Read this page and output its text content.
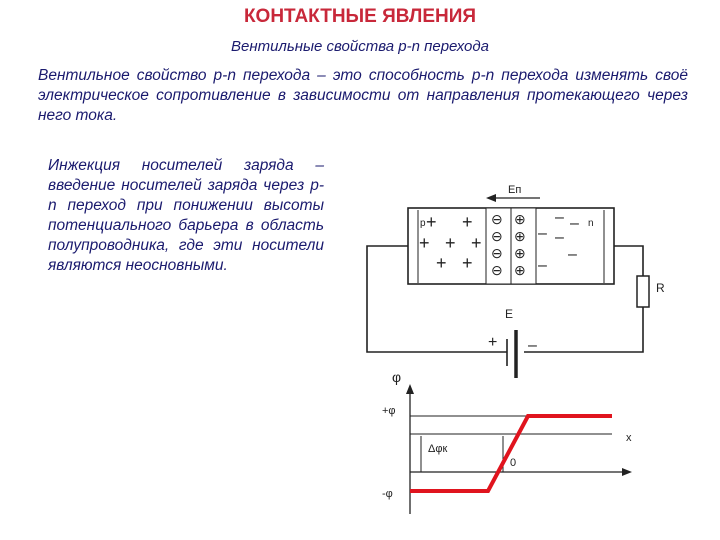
КОНТАКТНЫЕ ЯВЛЕНИЯ
Вентильные свойства p-n перехода
Вентильное свойство p-n перехода – это способность p-n перехода изменять своё электрическое сопротивление в зависимости от направления протекающего через него тока.
Инжекция носителей заряда – введение носителей заряда через p-n переход при понижении высоты потенциального барьера в область полупроводника, где эти носители являются неосновными.
Eп
p	n
+ +
+ + +
+ +
– –
– –
–
–
⊖
⊖
⊖
⊖
⊕
⊕
⊕
⊕
R
E
+ –
φ
+φ
-φ
x
Δφк
0
